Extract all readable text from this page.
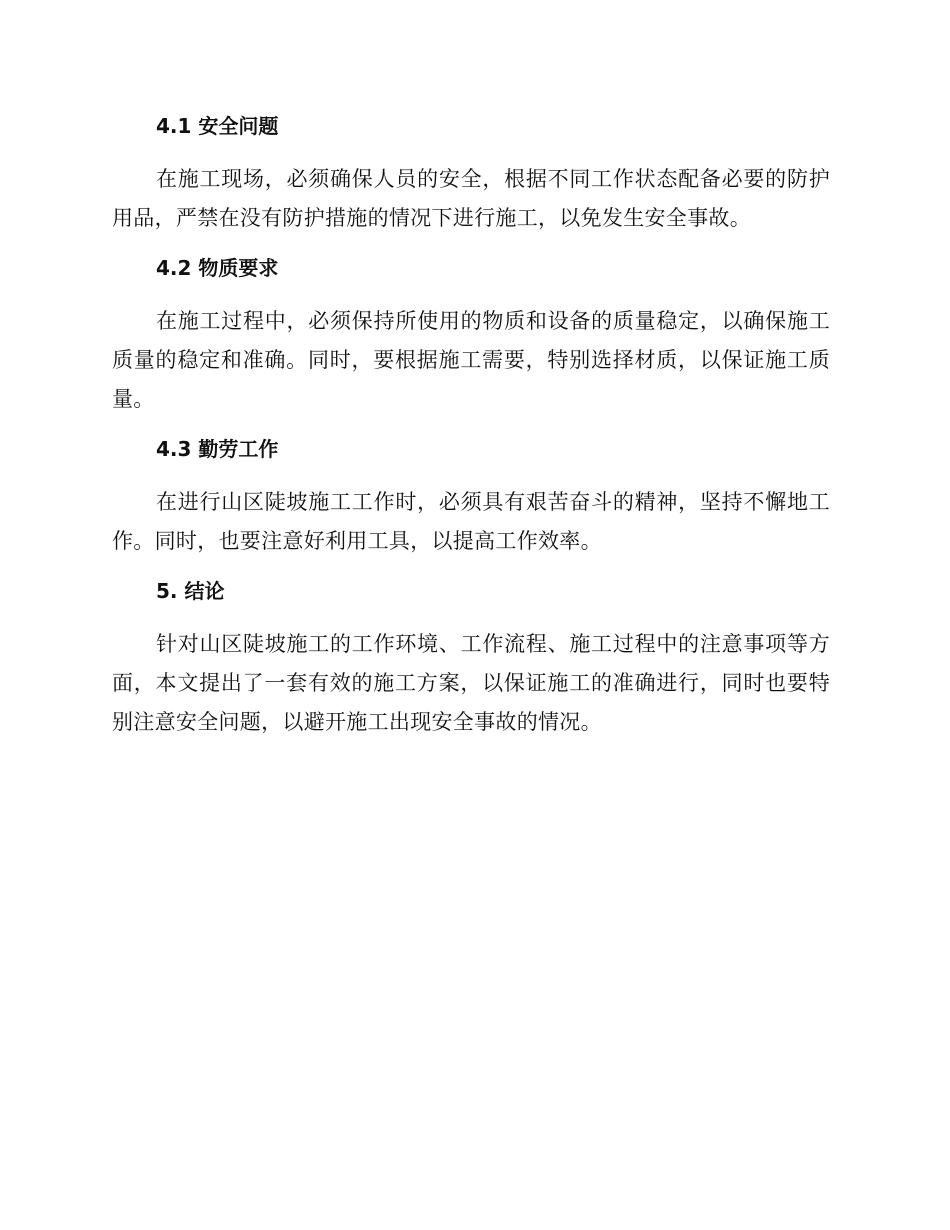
4.1 安全问题

在施工现场，必须确保人员的安全，根据不同工作状态配备必要的防护用品，严禁在没有防护措施的情况下进行施工，以免发生安全事故。

4.2 物质要求

在施工过程中，必须保持所使用的物质和设备的质量稳定，以确保施工质量的稳定和准确。同时，要根据施工需要，特别选择材质，以保证施工质量。

4.3 勤劳工作

在进行山区陡坡施工工作时，必须具有艰苦奋斗的精神，坚持不懈地工作。同时，也要注意好利用工具，以提高工作效率。

5. 结论

针对山区陡坡施工的工作环境、工作流程、施工过程中的注意事项等方面，本文提出了一套有效的施工方案，以保证施工的准确进行，同时也要特别注意安全问题，以避开施工出现安全事故的情况。
